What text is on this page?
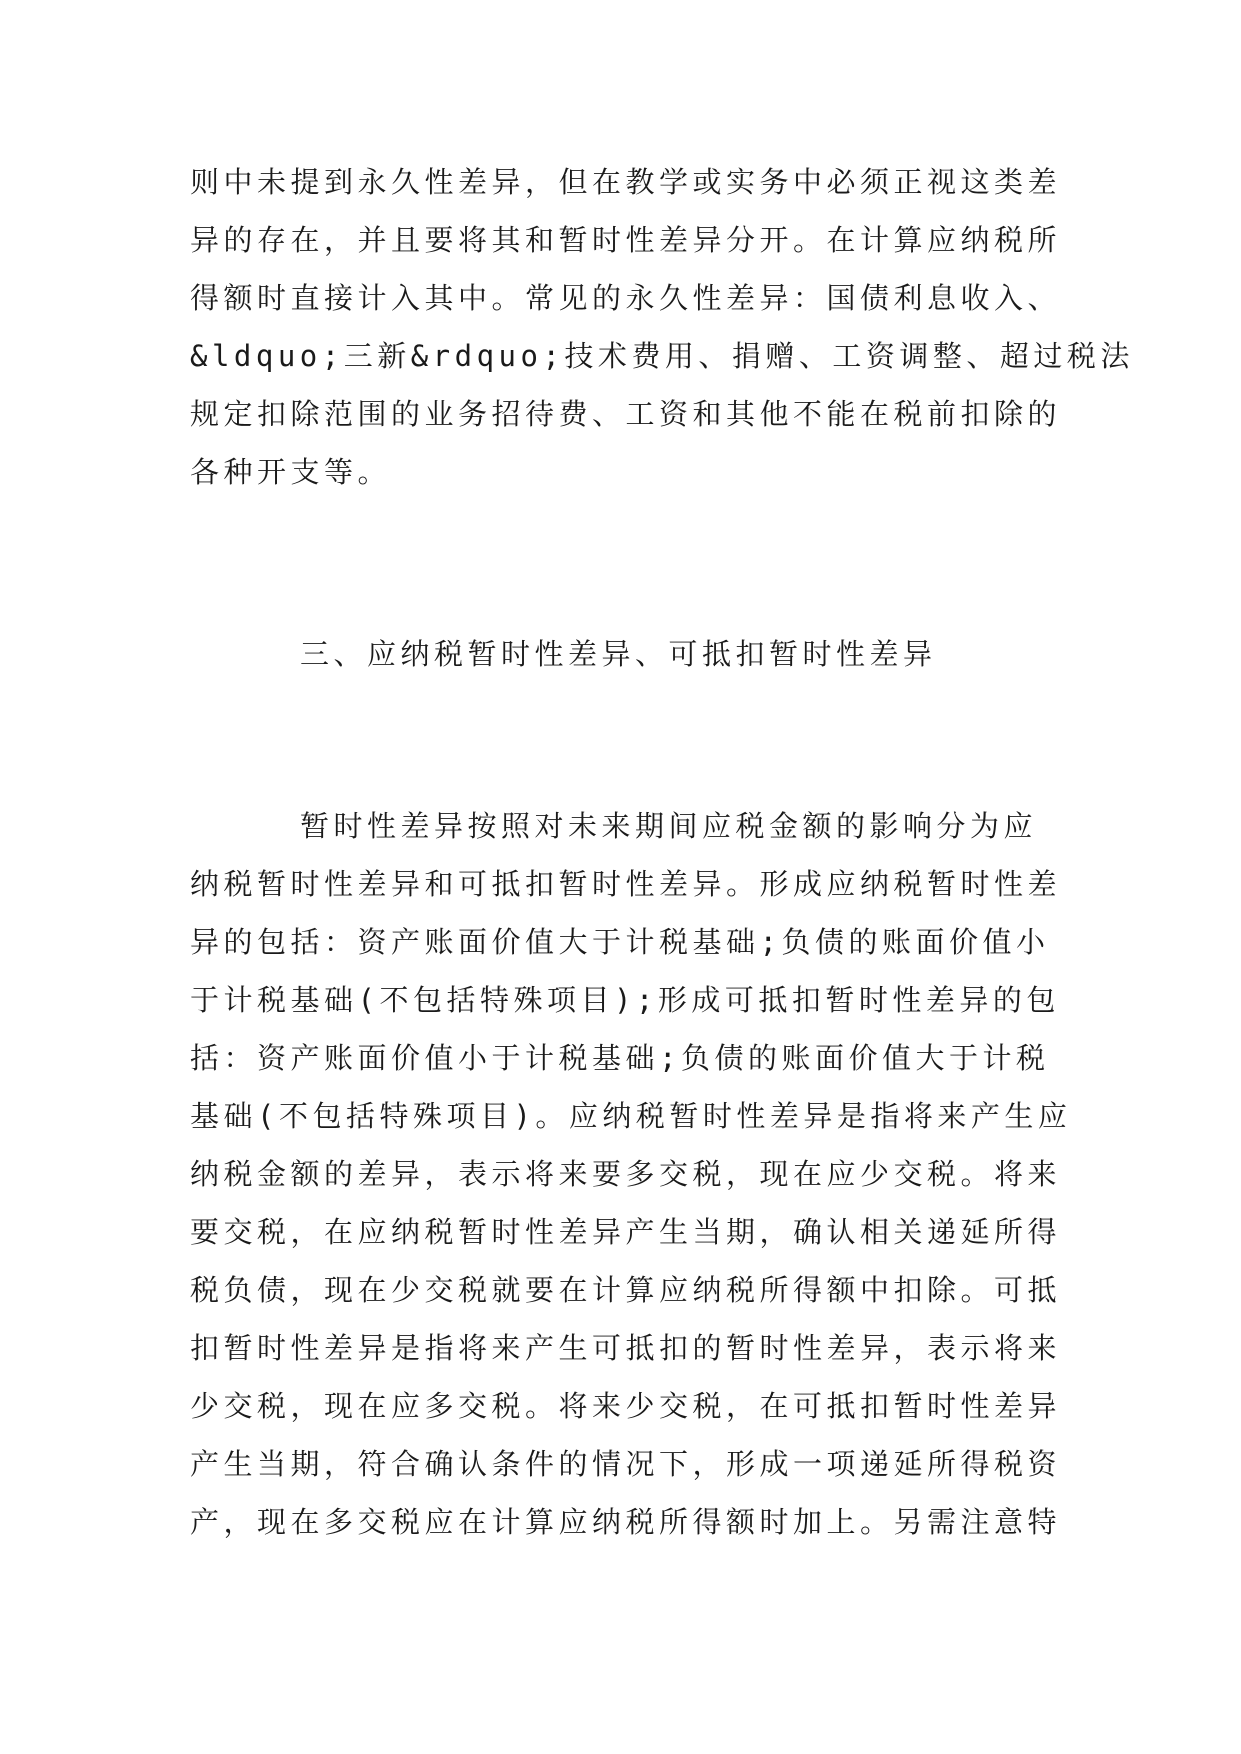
则中未提到永久性差异，但在教学或实务中必须正视这类差
异的存在，并且要将其和暂时性差异分开。在计算应纳税所
得额时直接计入其中。常见的永久性差异：国债利息收入、
&ldquo;三新&rdquo;技术费用、捐赠、工资调整、超过税法
规定扣除范围的业务招待费、工资和其他不能在税前扣除的
各种开支等。
三、应纳税暂时性差异、可抵扣暂时性差异
暂时性差异按照对未来期间应税金额的影响分为应
纳税暂时性差异和可抵扣暂时性差异。形成应纳税暂时性差
异的包括：资产账面价值大于计税基础;负债的账面价值小
于计税基础(不包括特殊项目);形成可抵扣暂时性差异的包
括：资产账面价值小于计税基础;负债的账面价值大于计税
基础(不包括特殊项目)。应纳税暂时性差异是指将来产生应
纳税金额的差异，表示将来要多交税，现在应少交税。将来
要交税，在应纳税暂时性差异产生当期，确认相关递延所得
税负债，现在少交税就要在计算应纳税所得额中扣除。可抵
扣暂时性差异是指将来产生可抵扣的暂时性差异，表示将来
少交税，现在应多交税。将来少交税，在可抵扣暂时性差异
产生当期，符合确认条件的情况下，形成一项递延所得税资
产，现在多交税应在计算应纳税所得额时加上。另需注意特
